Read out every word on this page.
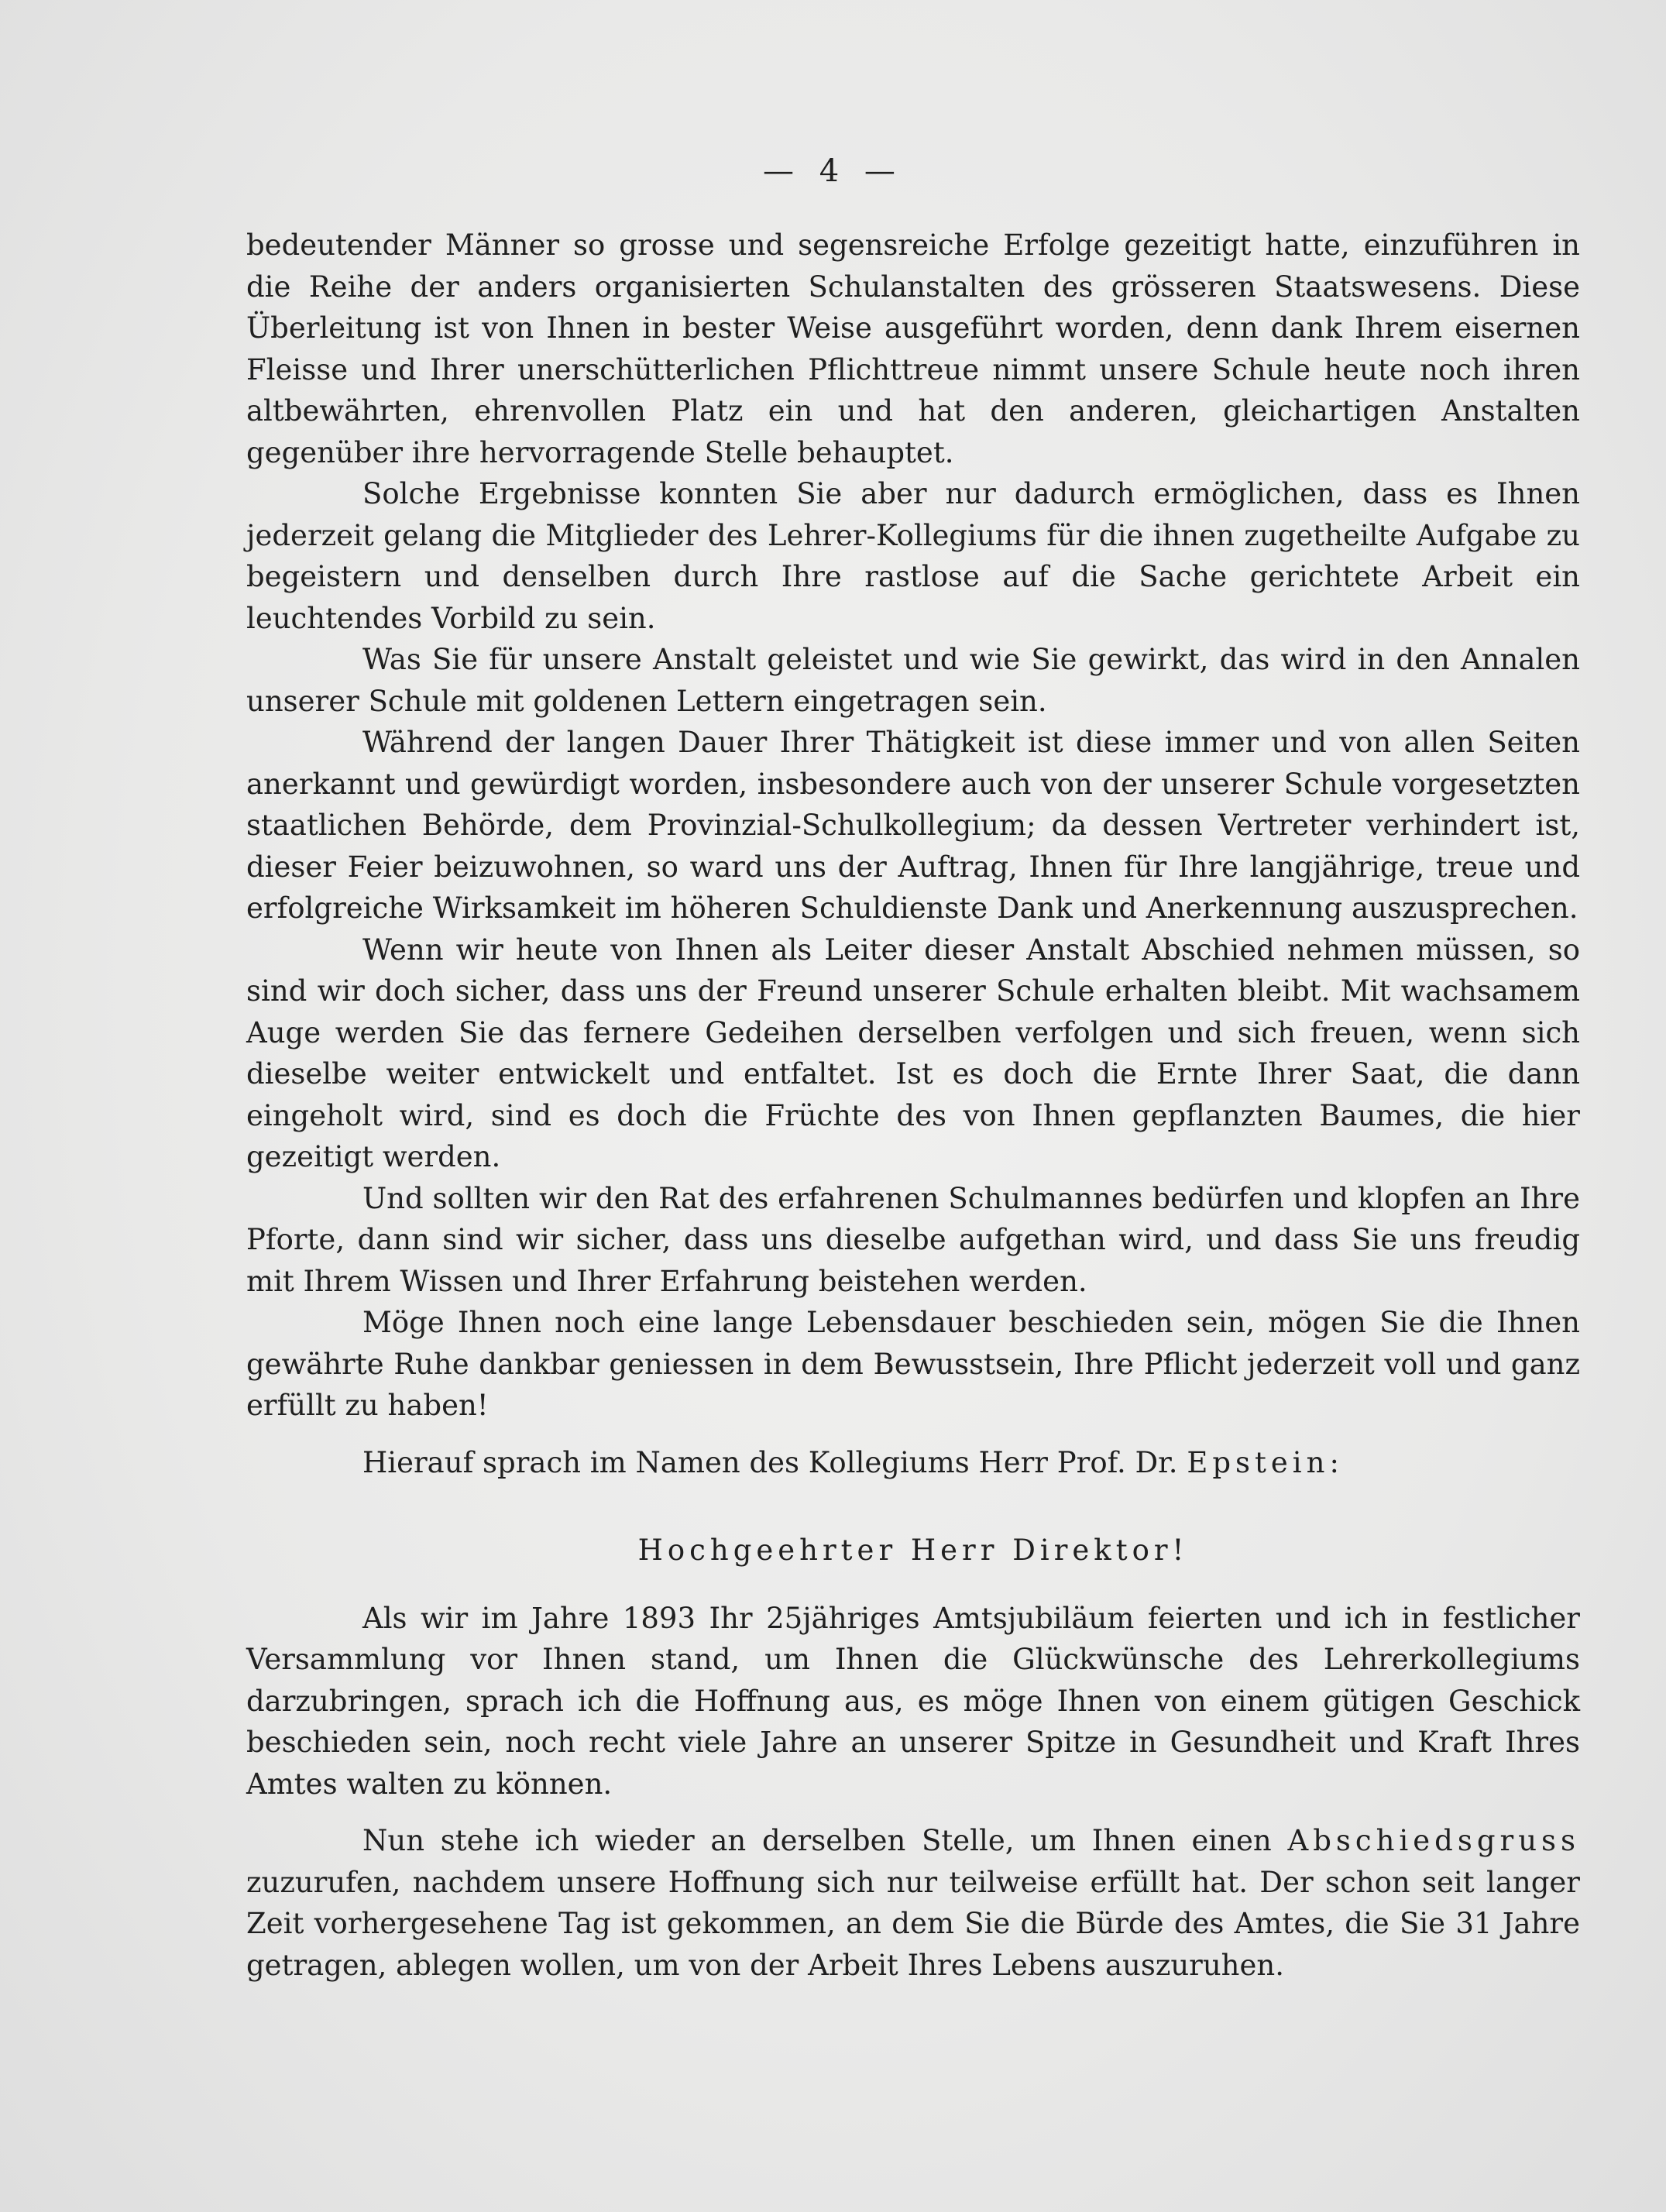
— 4 —

bedeutender Männer so grosse und segensreiche Erfolge gezeitigt hatte, einzuführen in die Reihe der anders organisierten Schulanstalten des grösseren Staatswesens. Diese Überleitung ist von Ihnen in bester Weise ausgeführt worden, denn dank Ihrem eisernen Fleisse und Ihrer unerschütterlichen Pflichttreue nimmt unsere Schule heute noch ihren altbewährten, ehrenvollen Platz ein und hat den anderen, gleichartigen Anstalten gegenüber ihre hervorragende Stelle behauptet.

Solche Ergebnisse konnten Sie aber nur dadurch ermöglichen, dass es Ihnen jederzeit gelang die Mitglieder des Lehrer-Kollegiums für die ihnen zugetheilte Aufgabe zu begeistern und denselben durch Ihre rastlose auf die Sache gerichtete Arbeit ein leuchtendes Vorbild zu sein.

Was Sie für unsere Anstalt geleistet und wie Sie gewirkt, das wird in den Annalen unserer Schule mit goldenen Lettern eingetragen sein.

Während der langen Dauer Ihrer Thätigkeit ist diese immer und von allen Seiten anerkannt und gewürdigt worden, insbesondere auch von der unserer Schule vorgesetzten staatlichen Behörde, dem Provinzial-Schulkollegium; da dessen Vertreter verhindert ist, dieser Feier beizuwohnen, so ward uns der Auftrag, Ihnen für Ihre langjährige, treue und erfolgreiche Wirksamkeit im höheren Schuldienste Dank und Anerkennung auszusprechen.

Wenn wir heute von Ihnen als Leiter dieser Anstalt Abschied nehmen müssen, so sind wir doch sicher, dass uns der Freund unserer Schule erhalten bleibt. Mit wachsamem Auge werden Sie das fernere Gedeihen derselben verfolgen und sich freuen, wenn sich dieselbe weiter entwickelt und entfaltet. Ist es doch die Ernte Ihrer Saat, die dann eingeholt wird, sind es doch die Früchte des von Ihnen gepflanzten Baumes, die hier gezeitigt werden.

Und sollten wir den Rat des erfahrenen Schulmannes bedürfen und klopfen an Ihre Pforte, dann sind wir sicher, dass uns dieselbe aufgethan wird, und dass Sie uns freudig mit Ihrem Wissen und Ihrer Erfahrung beistehen werden.

Möge Ihnen noch eine lange Lebensdauer beschieden sein, mögen Sie die Ihnen gewährte Ruhe dankbar geniessen in dem Bewusstsein, Ihre Pflicht jederzeit voll und ganz erfüllt zu haben!

Hierauf sprach im Namen des Kollegiums Herr Prof. Dr. Epstein:

Hochgeehrter Herr Direktor!

Als wir im Jahre 1893 Ihr 25jähriges Amtsjubiläum feierten und ich in festlicher Versammlung vor Ihnen stand, um Ihnen die Glückwünsche des Lehrerkollegiums darzubringen, sprach ich die Hoffnung aus, es möge Ihnen von einem gütigen Geschick beschieden sein, noch recht viele Jahre an unserer Spitze in Gesundheit und Kraft Ihres Amtes walten zu können.

Nun stehe ich wieder an derselben Stelle, um Ihnen einen Abschiedsgruss zuzurufen, nachdem unsere Hoffnung sich nur teilweise erfüllt hat. Der schon seit langer Zeit vorhergesehene Tag ist gekommen, an dem Sie die Bürde des Amtes, die Sie 31 Jahre getragen, ablegen wollen, um von der Arbeit Ihres Lebens auszuruhen.
